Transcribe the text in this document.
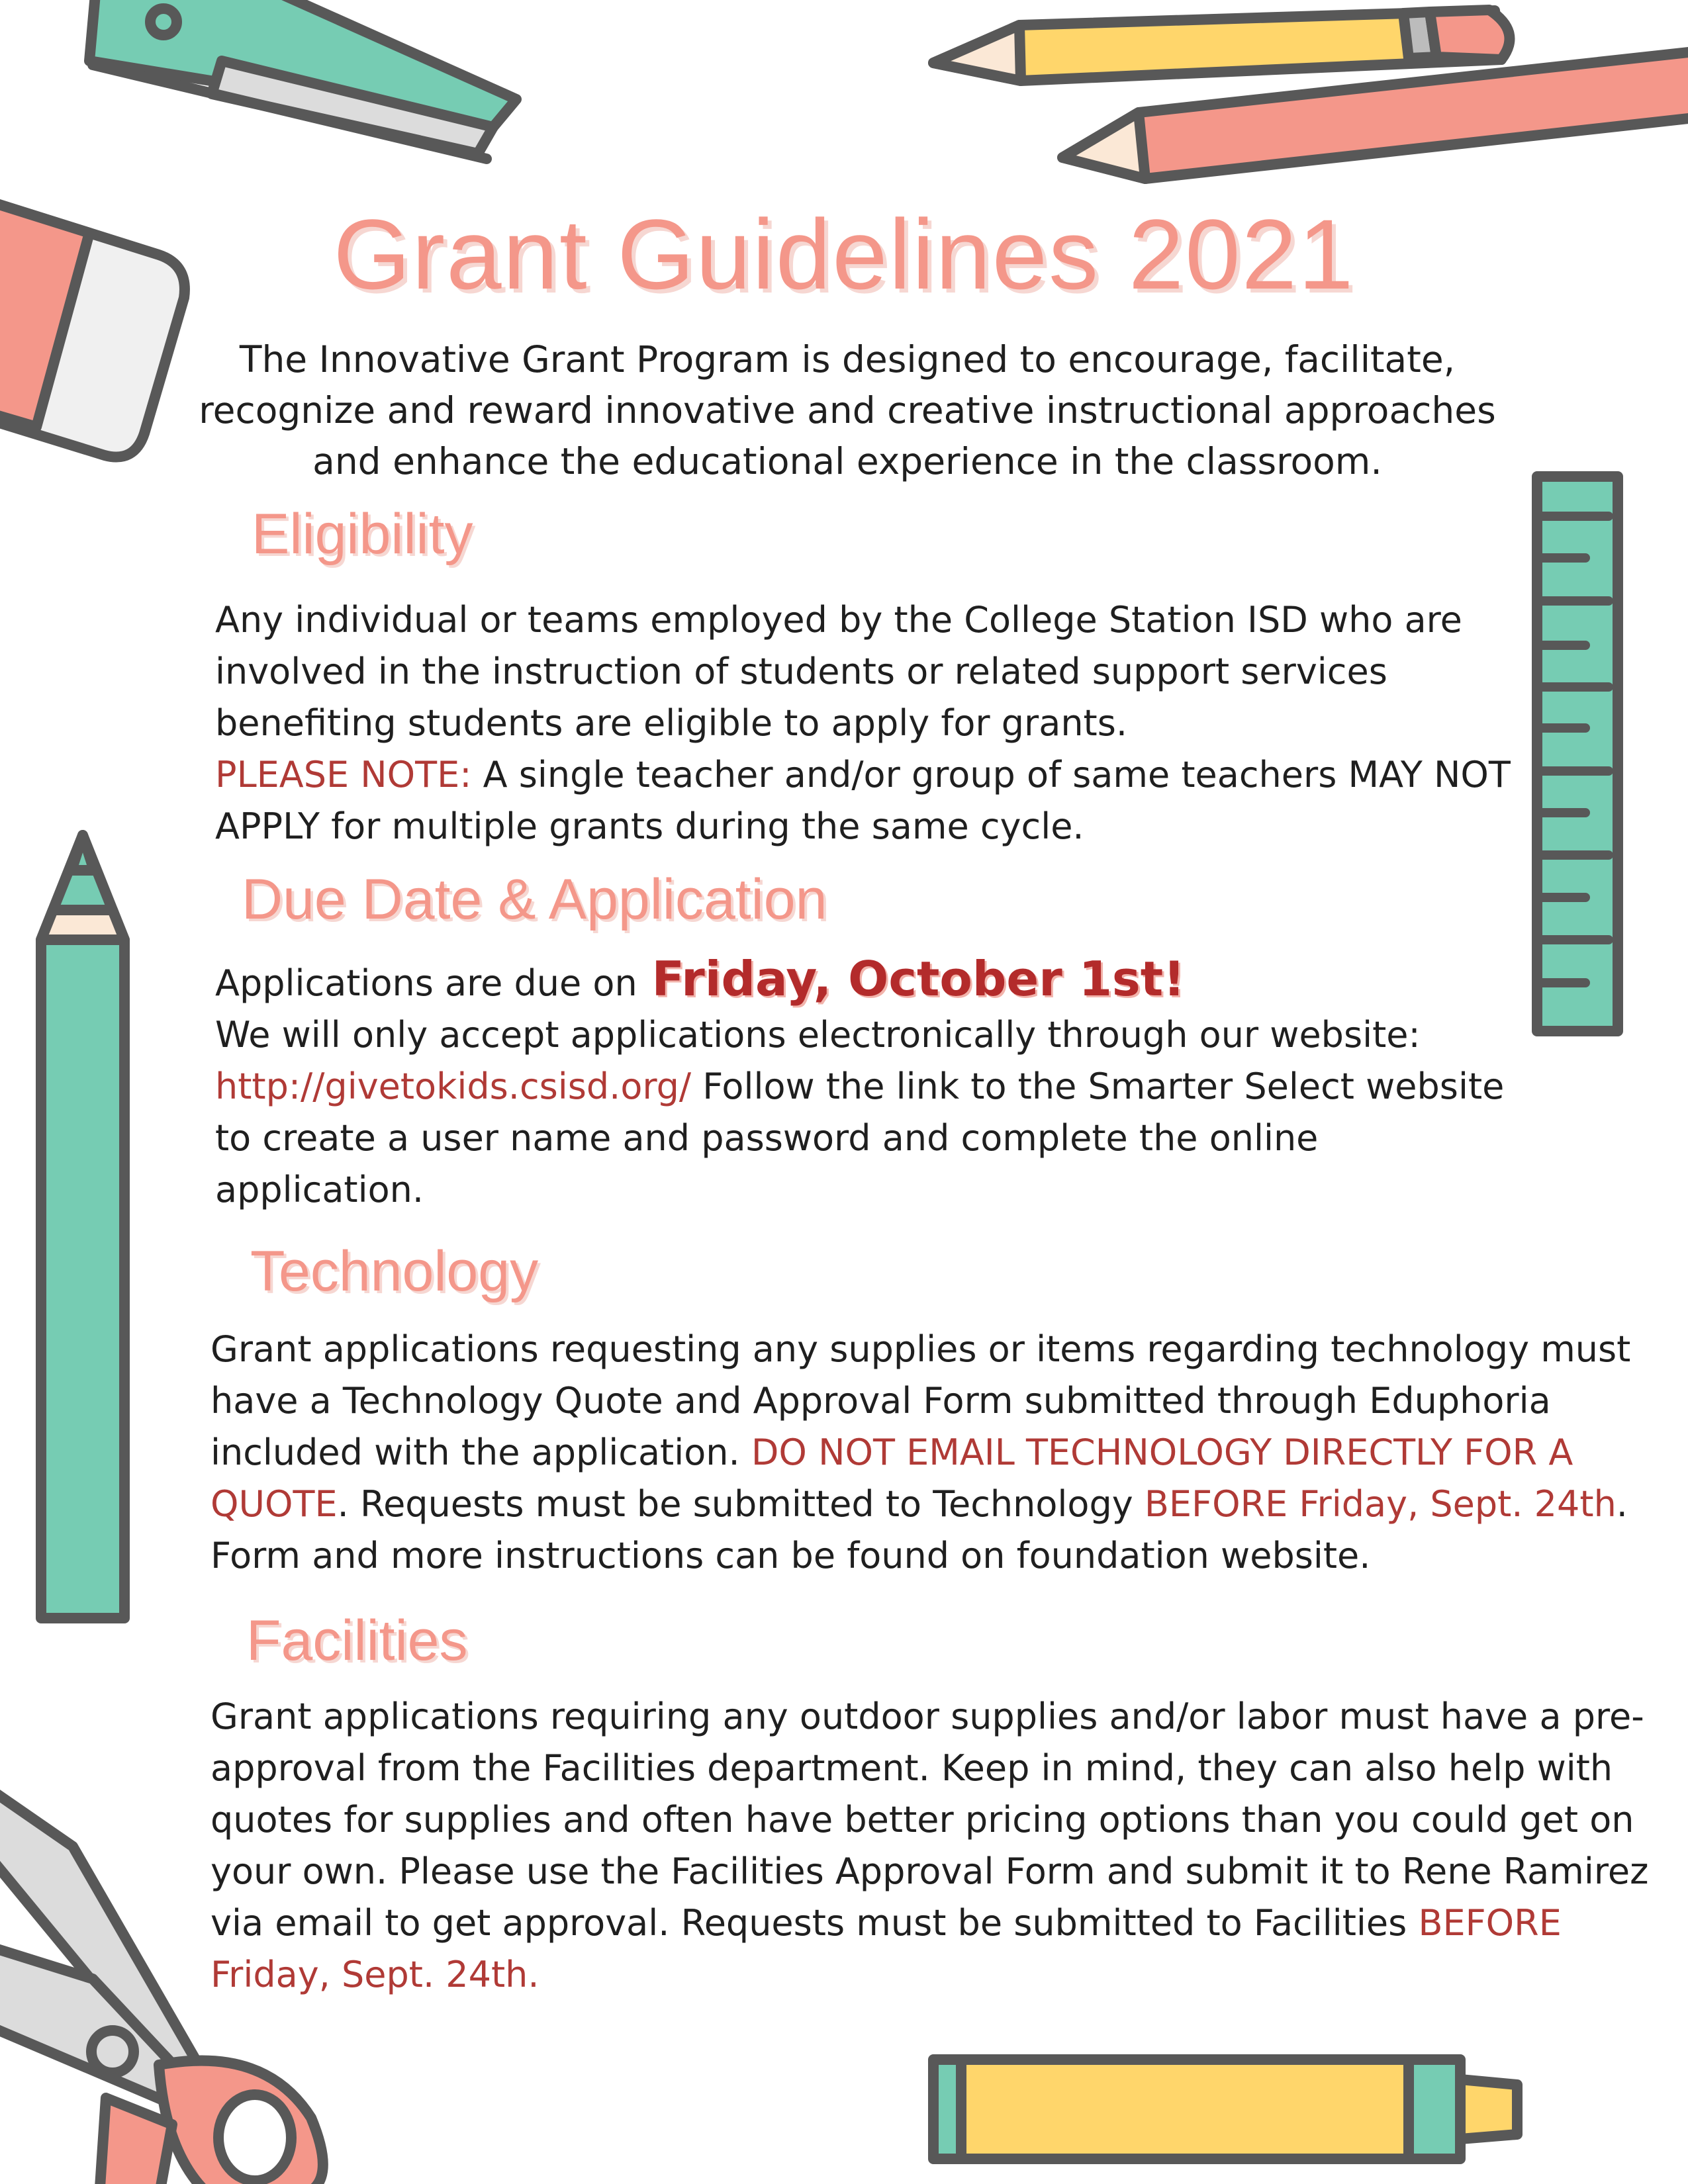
Grant Guidelines 2021
The Innovative Grant Program is designed to encourage, facilitate, recognize and reward innovative and creative instructional approaches and enhance the educational experience in the classroom.
Eligibility

Any individual or teams employed by the College Station ISD who are involved in the instruction of students or related support services benefiting students are eligible to apply for grants.

PLEASE NOTE: A single teacher and/or group of same teachers MAY NOT APPLY for multiple grants during the same cycle.

Due Date & Application

Applications are due on Friday, October 1st!

We will only accept applications electronically through our website: http://givetokids.csisd.org/ Follow the link to the Smarter Select website to create a user name and password and complete the online application.

Technology

Grant applications requesting any supplies or items regarding technology must have a Technology Quote and Approval Form submitted through Eduphoria included with the application. DO NOT EMAIL TECHNOLOGY DIRECTLY FOR A QUOTE. Requests must be submitted to Technology BEFORE Friday, Sept. 24th. Form and more instructions can be found on foundation website.

Facilities

Grant applications requiring any outdoor supplies and/or labor must have a pre-approval from the Facilities department. Keep in mind, they can also help with quotes for supplies and often have better pricing options than you could get on your own. Please use the Facilities Approval Form and submit it to Rene Ramirez via email to get approval. Requests must be submitted to Facilities BEFORE Friday, Sept. 24th.
